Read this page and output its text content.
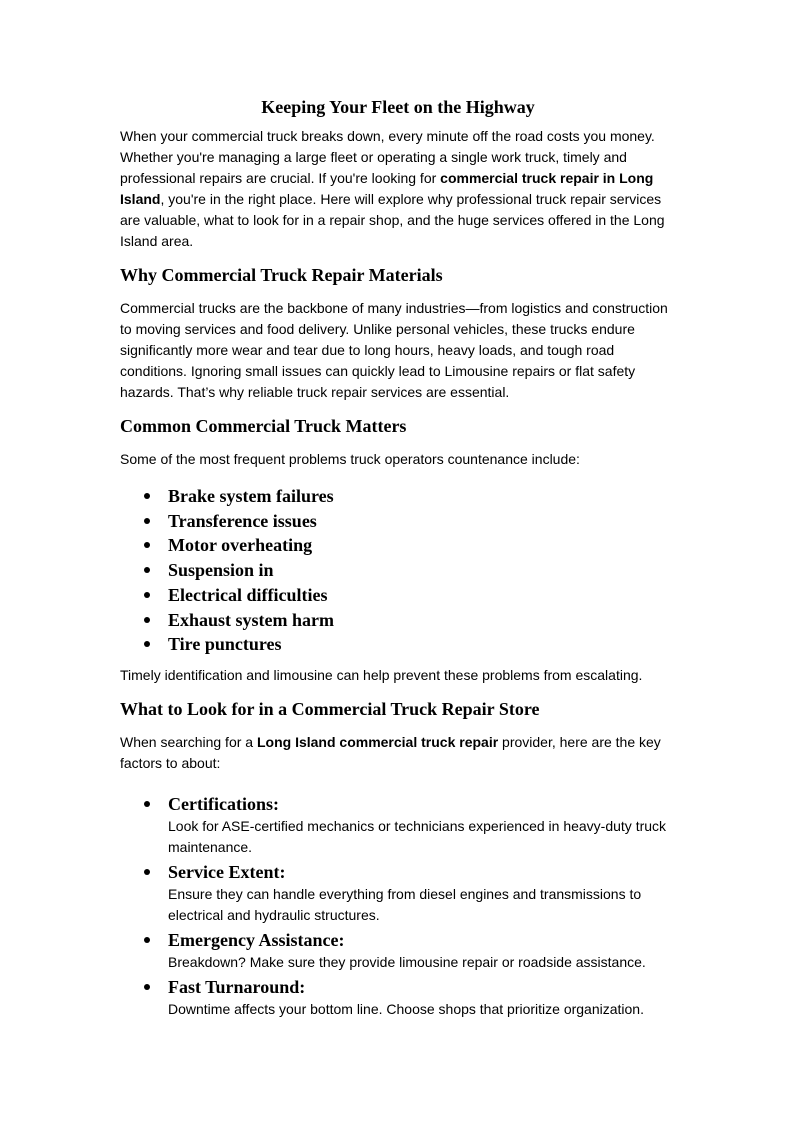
Keeping Your Fleet on the Highway

When your commercial truck breaks down, every minute off the road costs you money. Whether you're managing a large fleet or operating a single work truck, timely and professional repairs are crucial. If you're looking for commercial truck repair in Long Island, you're in the right place. Here will explore why professional truck repair services are valuable, what to look for in a repair shop, and the huge services offered in the Long Island area.

Why Commercial Truck Repair Materials

Commercial trucks are the backbone of many industries—from logistics and construction to moving services and food delivery. Unlike personal vehicles, these trucks endure significantly more wear and tear due to long hours, heavy loads, and tough road conditions. Ignoring small issues can quickly lead to Limousine repairs or flat safety hazards. That’s why reliable truck repair services are essential.

Common Commercial Truck Matters

Some of the most frequent problems truck operators countenance include:

Brake system failures
Transference issues
Motor overheating
Suspension in
Electrical difficulties
Exhaust system harm
Tire punctures

Timely identification and limousine can help prevent these problems from escalating.

What to Look for in a Commercial Truck Repair Store

When searching for a Long Island commercial truck repair provider, here are the key factors to about:

Certifications:

Look for ASE-certified mechanics or technicians experienced in heavy-duty truck maintenance.

Service Extent:

Ensure they can handle everything from diesel engines and transmissions to electrical and hydraulic structures.

Emergency Assistance:

Breakdown? Make sure they provide limousine repair or roadside assistance.

Fast Turnaround:

Downtime affects your bottom line. Choose shops that prioritize organization.
